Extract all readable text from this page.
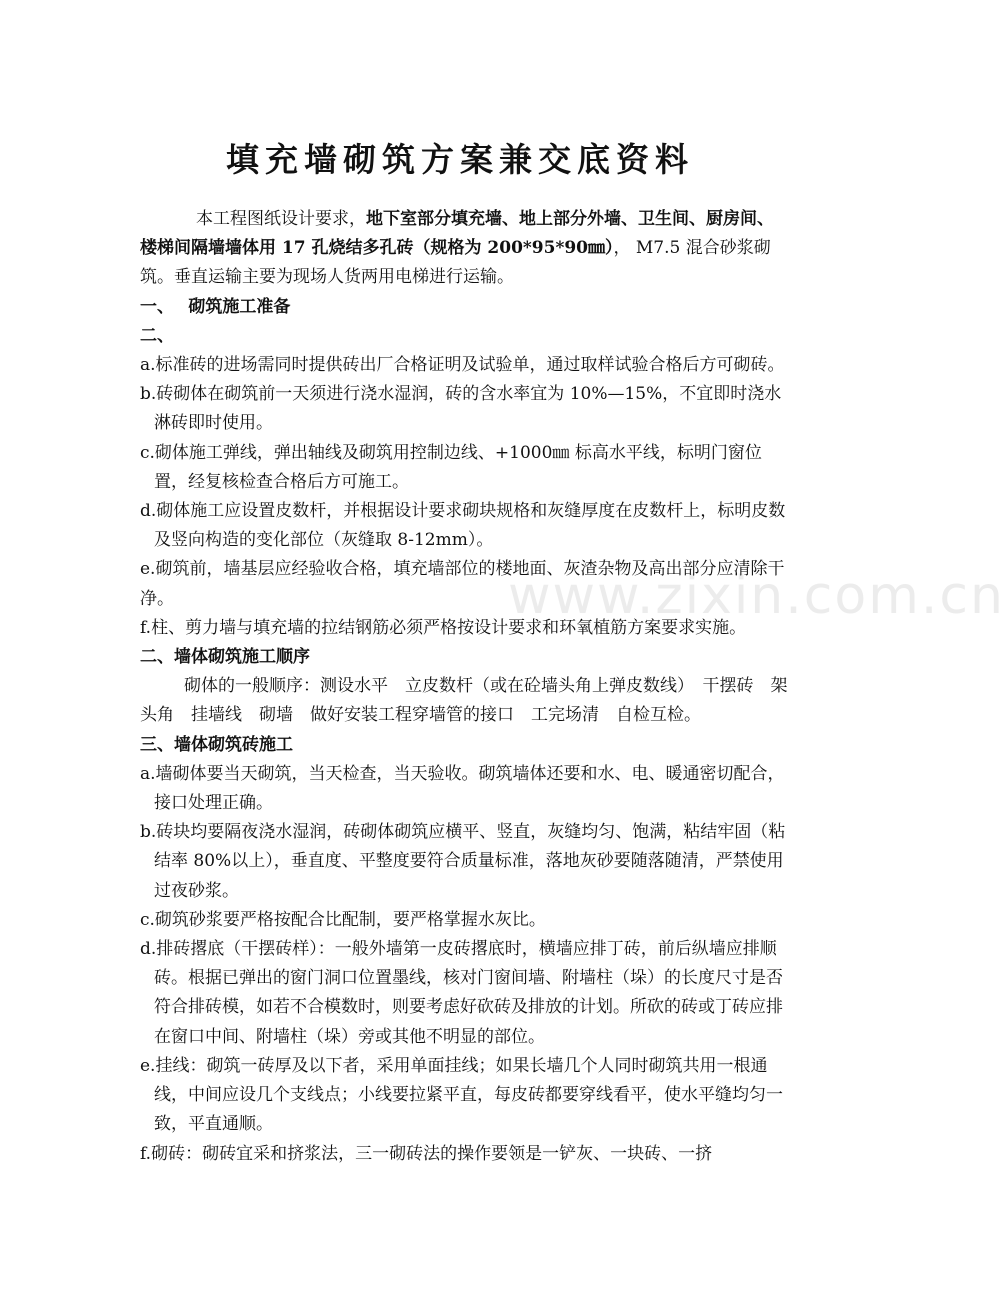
www.zixin.com.cn
填充墙砌筑方案兼交底资料

本工程图纸设计要求，地下室部分填充墙、地上部分外墙、卫生间、厨房间、楼梯间隔墙墙体用 17 孔烧结多孔砖（规格为 200*95*90㎜）， M7.5 混合砂浆砌筑。垂直运输主要为现场人货两用电梯进行运输。

一、　 砌筑施工准备

二、

a.标准砖的进场需同时提供砖出厂合格证明及试验单，通过取样试验合格后方可砌砖。

b.砖砌体在砌筑前一天须进行浇水湿润，砖的含水率宜为 10%—15%，不宜即时浇水淋砖即时使用。

c.砌体施工弹线，弹出轴线及砌筑用控制边线、+1000㎜ 标高水平线，标明门窗位置，经复核检查合格后方可施工。

d.砌体施工应设置皮数杆，并根据设计要求砌块规格和灰缝厚度在皮数杆上，标明皮数及竖向构造的变化部位（灰缝取 8-12mm）。

e.砌筑前，墙基层应经验收合格，填充墙部位的楼地面、灰渣杂物及高出部分应清除干净。

f.柱、剪力墙与填充墙的拉结钢筋必须严格按设计要求和环氧植筋方案要求实施。

二、墙体砌筑施工顺序

砌体的一般顺序：测设水平　立皮数杆（或在砼墙头角上弹皮数线）　干摆砖　架头角　挂墙线　砌墙　做好安装工程穿墙管的接口　工完场清　自检互检。

三、墙体砌筑砖施工

a.墙砌体要当天砌筑，当天检查，当天验收。砌筑墙体还要和水、电、暖通密切配合，接口处理正确。

b.砖块均要隔夜浇水湿润，砖砌体砌筑应横平、竖直，灰缝均匀、饱满，粘结牢固（粘结率 80%以上），垂直度、平整度要符合质量标准，落地灰砂要随落随清，严禁使用过夜砂浆。

c.砌筑砂浆要严格按配合比配制，要严格掌握水灰比。

d.排砖撂底（干摆砖样）：一般外墙第一皮砖撂底时，横墙应排丁砖，前后纵墙应排顺砖。根据已弹出的窗门洞口位置墨线，核对门窗间墙、附墙柱（垛）的长度尺寸是否符合排砖模，如若不合模数时，则要考虑好砍砖及排放的计划。所砍的砖或丁砖应排在窗口中间、附墙柱（垛）旁或其他不明显的部位。

e.挂线：砌筑一砖厚及以下者，采用单面挂线；如果长墙几个人同时砌筑共用一根通线，中间应设几个支线点；小线要拉紧平直，每皮砖都要穿线看平，使水平缝均匀一致，平直通顺。

f.砌砖：砌砖宜采和挤浆法，三一砌砖法的操作要领是一铲灰、一块砖、一挤
